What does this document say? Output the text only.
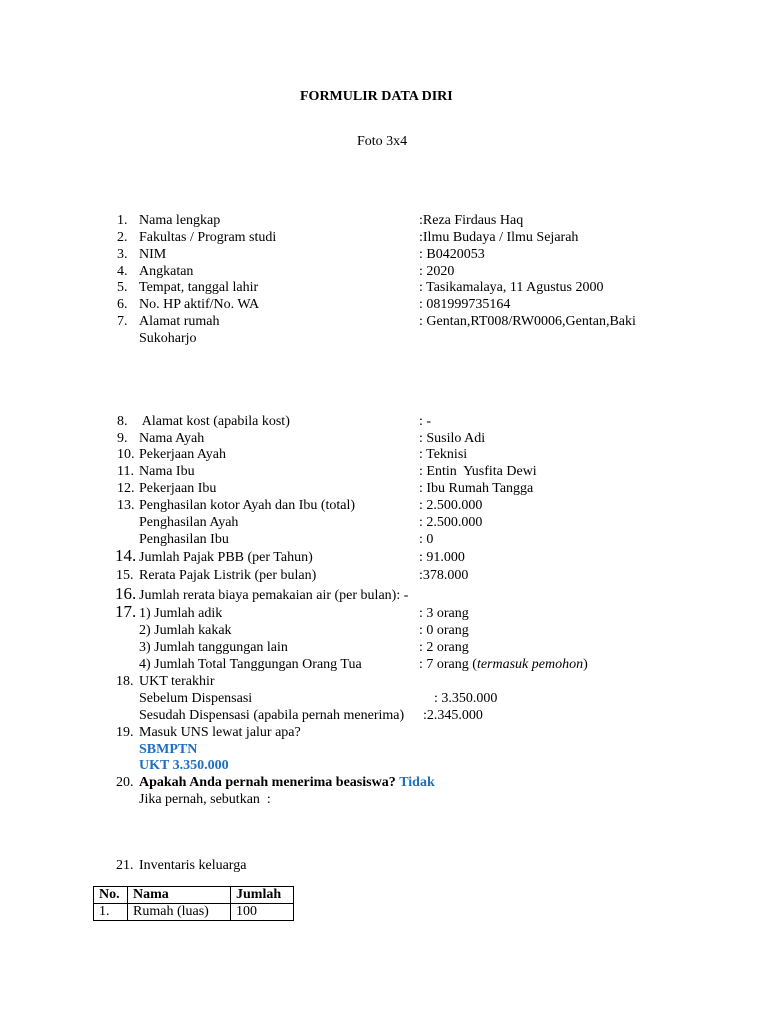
FORMULIR DATA DIRI
Foto 3x4
1. Nama lengkap	:Reza Firdaus Haq
2. Fakultas / Program studi	:Ilmu Budaya / Ilmu Sejarah
3. NIM	: B0420053
4. Angkatan	: 2020
5. Tempat, tanggal lahir	: Tasikamalaya, 11 Agustus 2000
6. No. HP aktif/No. WA	: 081999735164
7. Alamat rumah	: Gentan,RT008/RW0006,Gentan,Baki
Sukoharjo
8. Alamat kost (apabila kost)	: -
9. Nama Ayah	: Susilo Adi
10. Pekerjaan Ayah	: Teknisi
11. Nama Ibu	: Entin  Yusfita Dewi
12. Pekerjaan Ibu	: Ibu Rumah Tangga
13. Penghasilan kotor Ayah dan Ibu (total)	: 2.500.000
Penghasilan Ayah	: 2.500.000
Penghasilan Ibu	: 0
14. Jumlah Pajak PBB (per Tahun)	: 91.000
15. Rerata Pajak Listrik (per bulan)	:378.000
16. Jumlah rerata biaya pemakaian air (per bulan): -
17. 1) Jumlah adik	: 3 orang
2) Jumlah kakak	: 0 orang
3) Jumlah tanggungan lain	: 2 orang
4) Jumlah Total Tanggungan Orang Tua	: 7 orang (termasuk pemohon)
18. UKT terakhir
Sebelum Dispensasi	: 3.350.000
Sesudah Dispensasi (apabila pernah menerima) :2.345.000
19. Masuk UNS lewat jalur apa?
SBMPTN
UKT 3.350.000
20. Apakah Anda pernah menerima beasiswa? Tidak
Jika pernah, sebutkan  :
21. Inventaris keluarga
No.	Nama	Jumlah
1.	Rumah (luas)	100
